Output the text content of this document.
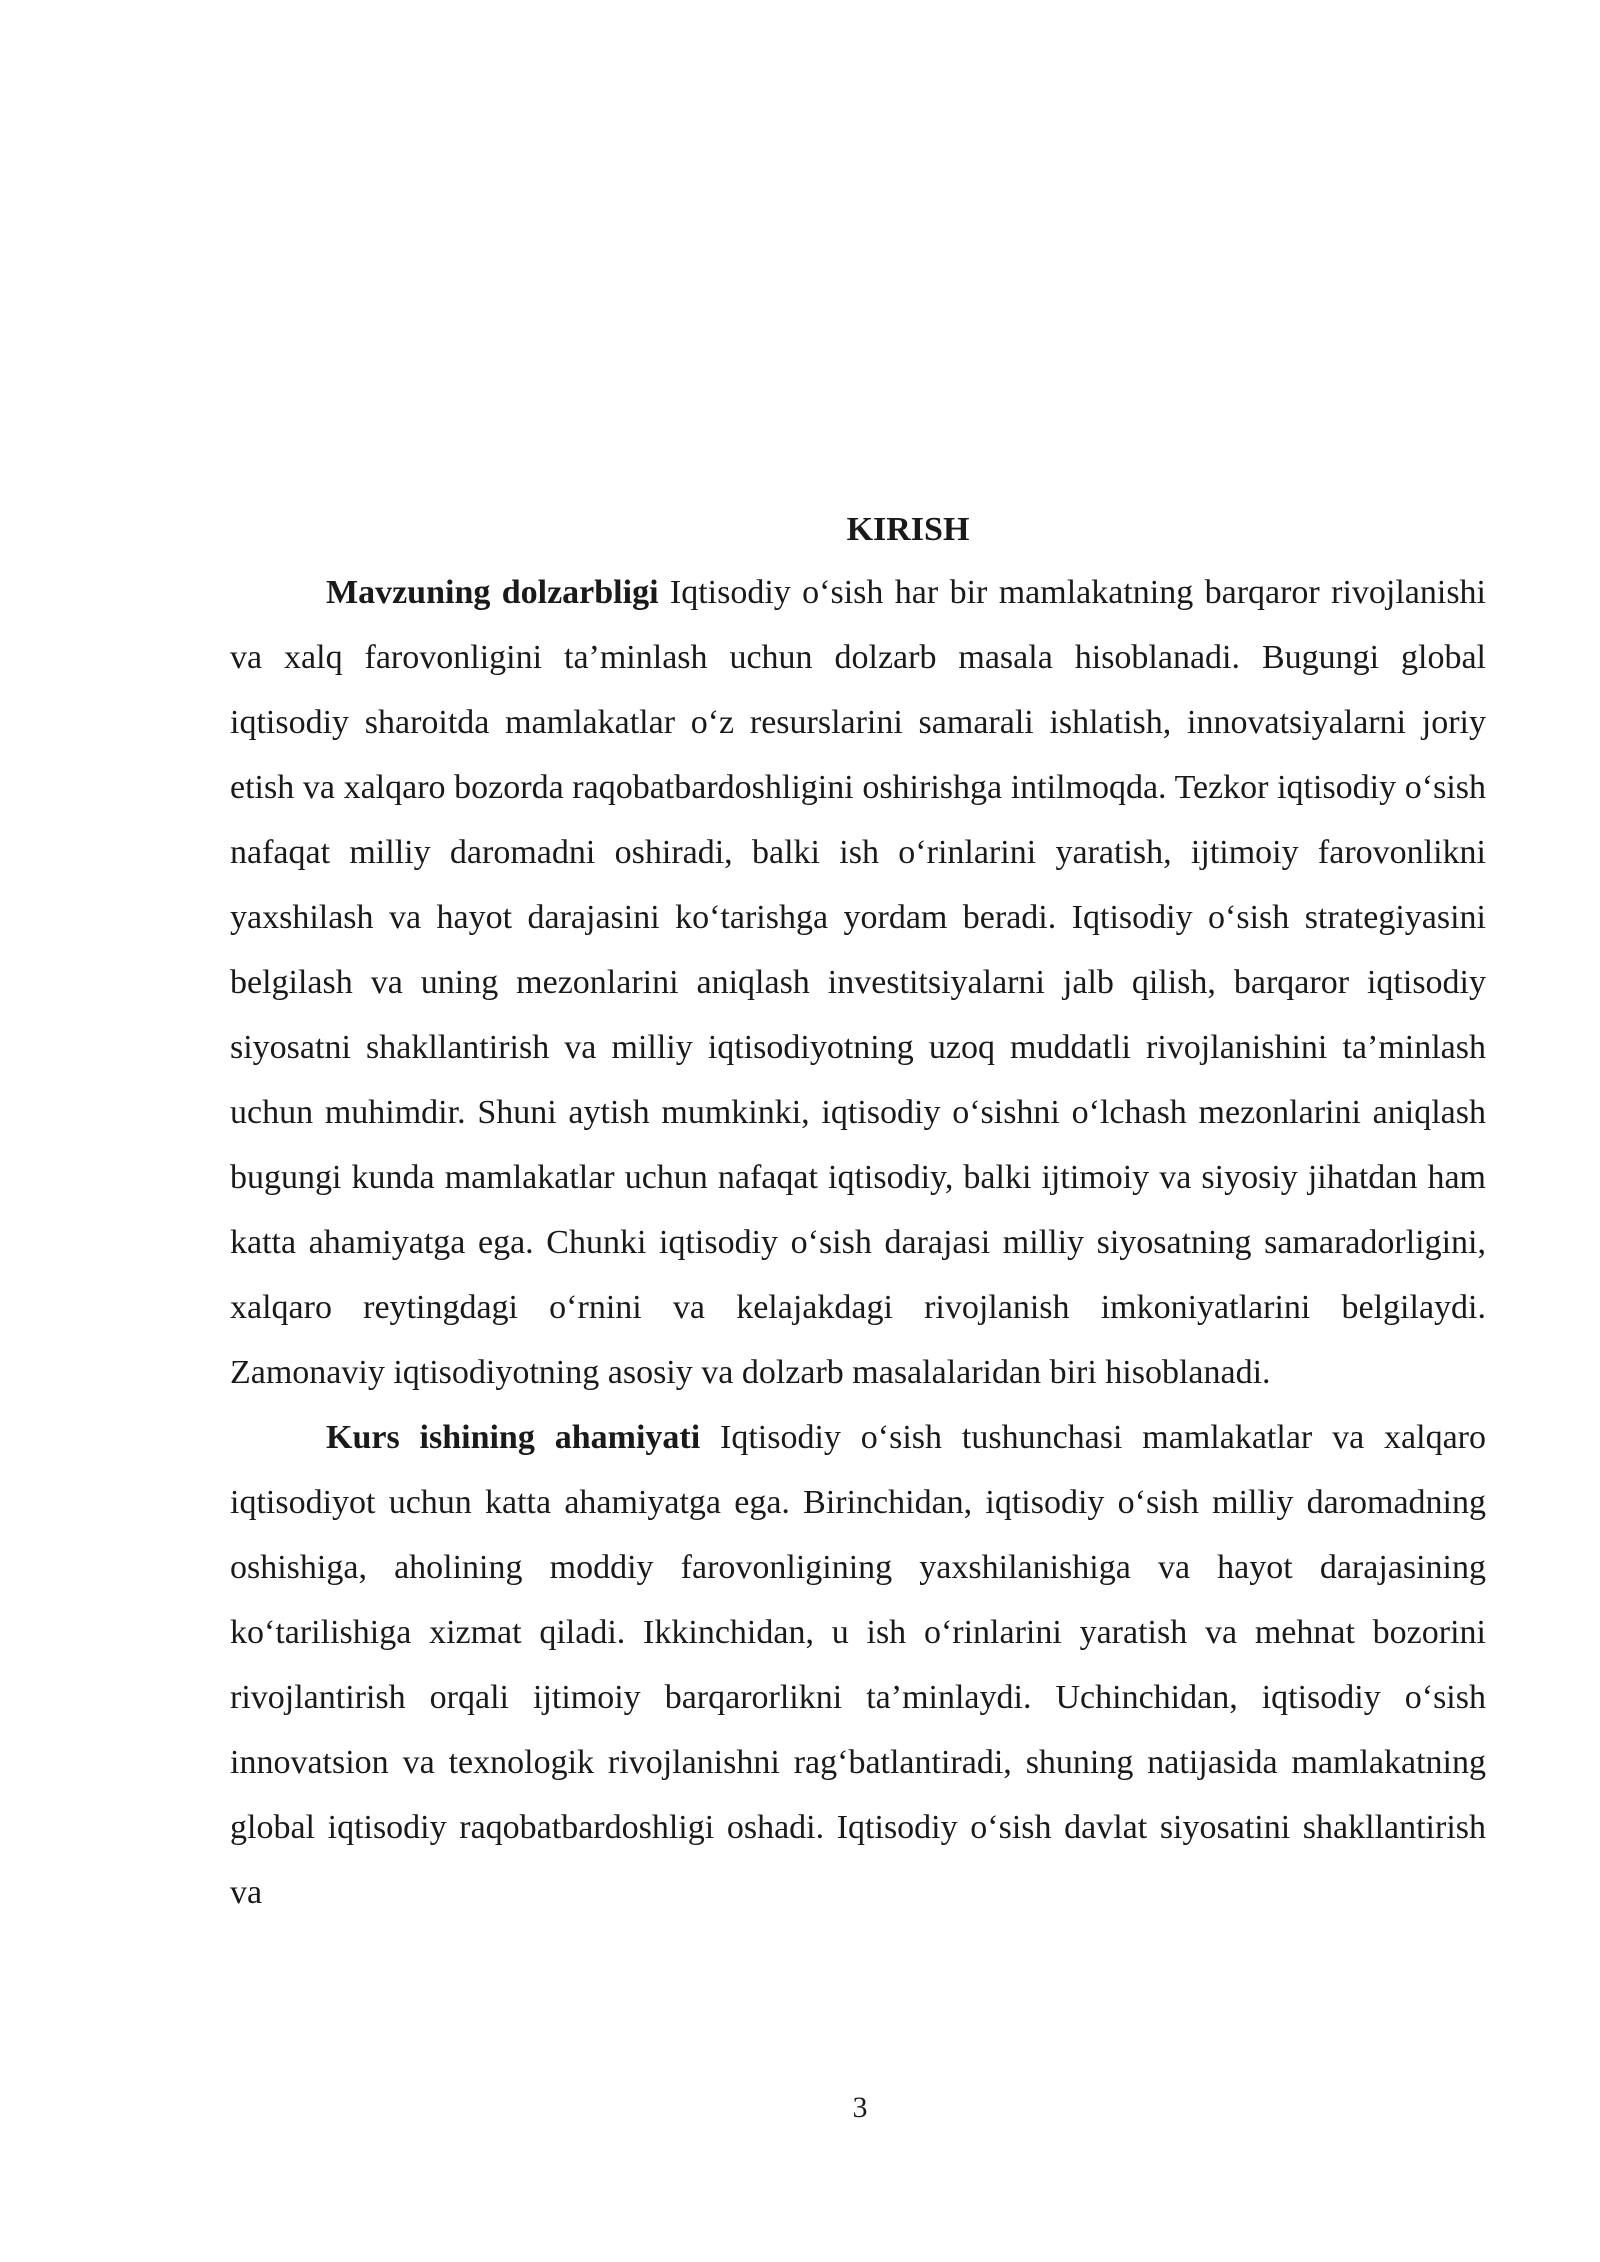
KIRISH

Mavzuning dolzarbligi Iqtisodiy o‘sish har bir mamlakatning barqaror rivojlanishi va xalq farovonligini ta’minlash uchun dolzarb masala hisoblanadi. Bugungi global iqtisodiy sharoitda mamlakatlar o‘z resurslarini samarali ishlatish, innovatsiyalarni joriy etish va xalqaro bozorda raqobatbardoshligini oshirishga intilmoqda. Tezkor iqtisodiy o‘sish nafaqat milliy daromadni oshiradi, balki ish o‘rinlarini yaratish, ijtimoiy farovonlikni yaxshilash va hayot darajasini ko‘tarishga yordam beradi. Iqtisodiy o‘sish strategiyasini belgilash va uning mezonlarini aniqlash investitsiyalarni jalb qilish, barqaror iqtisodiy siyosatni shakllantirish va milliy iqtisodiyotning uzoq muddatli rivojlanishini ta’minlash uchun muhimdir. Shuni aytish mumkinki, iqtisodiy o‘sishni o‘lchash mezonlarini aniqlash bugungi kunda mamlakatlar uchun nafaqat iqtisodiy, balki ijtimoiy va siyosiy jihatdan ham katta ahamiyatga ega. Chunki iqtisodiy o‘sish darajasi milliy siyosatning samaradorligini, xalqaro reytingdagi o‘rnini va kelajakdagi rivojlanish imkoniyatlarini belgilaydi. Zamonaviy iqtisodiyotning asosiy va dolzarb masalalaridan biri hisoblanadi.

Kurs ishining ahamiyati Iqtisodiy o‘sish tushunchasi mamlakatlar va xalqaro iqtisodiyot uchun katta ahamiyatga ega. Birinchidan, iqtisodiy o‘sish milliy daromadning oshishiga, aholining moddiy farovonligining yaxshilanishiga va hayot darajasining ko‘tarilishiga xizmat qiladi. Ikkinchidan, u ish o‘rinlarini yaratish va mehnat bozorini rivojlantirish orqali ijtimoiy barqarorlikni ta’minlaydi. Uchinchidan, iqtisodiy o‘sish innovatsion va texnologik rivojlanishni rag‘batlantiradi, shuning natijasida mamlakatning global iqtisodiy raqobatbardoshligi oshadi. Iqtisodiy o‘sish davlat siyosatini shakllantirish va

3
